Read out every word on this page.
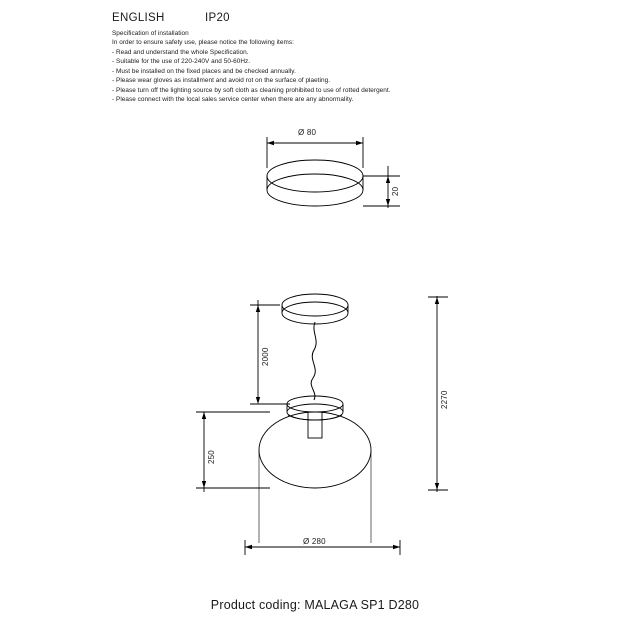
ENGLISH	IP20
Specification of installation
In order to ensure safety use, please notice the following items:
- Read and understand the whole Specification.
- Suitable for the use of 220-240V and 50-60Hz.
- Must be installed on the fixed places and be checked annually.
- Please wear gloves as installment and avoid rot on the surface of plaeting.
- Please turn off the lighting source by soft cloth as cleaning prohibited to use of rotted detergent.
- Please connect with the local sales service center when there are any abnormality.
Ø 80
20
2000
250
2270
Ø 280
Product coding: MALAGA SP1 D280
